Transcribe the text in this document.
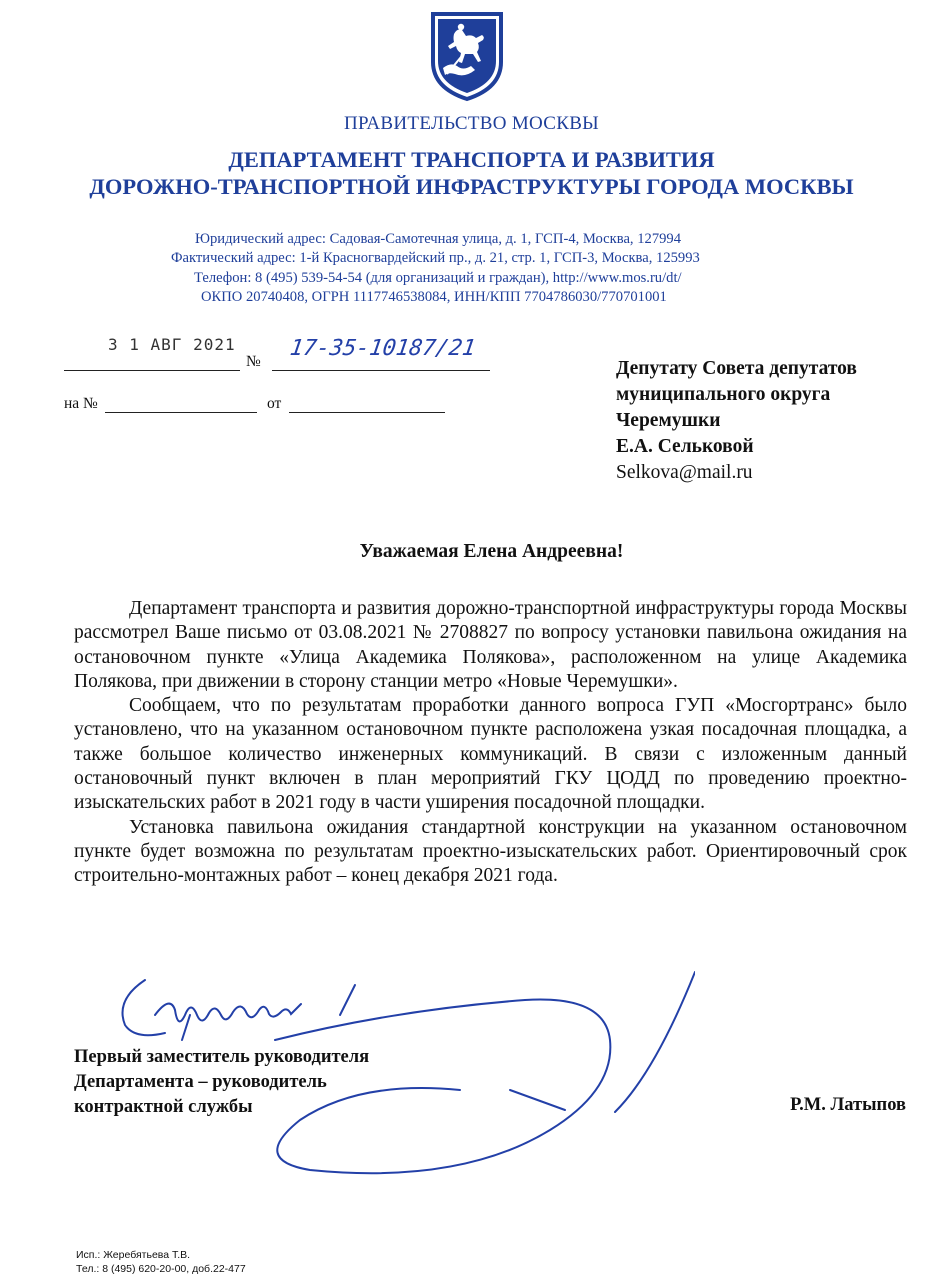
ПРАВИТЕЛЬСТВО МОСКВЫ
ДЕПАРТАМЕНТ ТРАНСПОРТА И РАЗВИТИЯ
ДОРОЖНО-ТРАНСПОРТНОЙ ИНФРАСТРУКТУРЫ ГОРОДА МОСКВЫ
Юридический адрес: Садовая-Самотечная улица, д. 1, ГСП-4, Москва, 127994
Фактический адрес: 1-й Красногвардейский пр., д. 21, стр. 1, ГСП-3, Москва, 125993
Телефон: 8 (495) 539-54-54 (для организаций и граждан), http://www.mos.ru/dt/
ОКПО 20740408, ОГРН 1117746538084, ИНН/КПП 7704786030/770701001
3 1 АВГ 2021
№
17-35-10187/21
на №	от
Депутату Совета депутатов
муниципального округа
Черемушки
Е.А. Сельковой
Selkova@mail.ru
Уважаемая Елена Андреевна!

Департамент транспорта и развития дорожно-транспортной инфраструктуры города Москвы рассмотрел Ваше письмо от 03.08.2021 № 2708827 по вопросу установки павильона ожидания на остановочном пункте «Улица Академика Полякова», расположенном на улице Академика Полякова, при движении в сторону станции метро «Новые Черемушки».

Сообщаем, что по результатам проработки данного вопроса ГУП «Мосгортранс» было установлено, что на указанном остановочном пункте расположена узкая посадочная площадка, а также большое количество инженерных коммуникаций. В связи с изложенным данный остановочный пункт включен в план мероприятий ГКУ ЦОДД по проведению проектно-изыскательских работ в 2021 году в части уширения посадочной площадки.

Установка павильона ожидания стандартной конструкции на указанном остановочном пункте будет возможна по результатам проектно-изыскательских работ. Ориентировочный срок строительно-монтажных работ – конец декабря 2021 года.

Первый заместитель руководителя
Департамента – руководитель
контрактной службы	Р.М. Латыпов
Исп.: Жеребятьева Т.В.
Тел.: 8 (495) 620-20-00, доб.22-477
